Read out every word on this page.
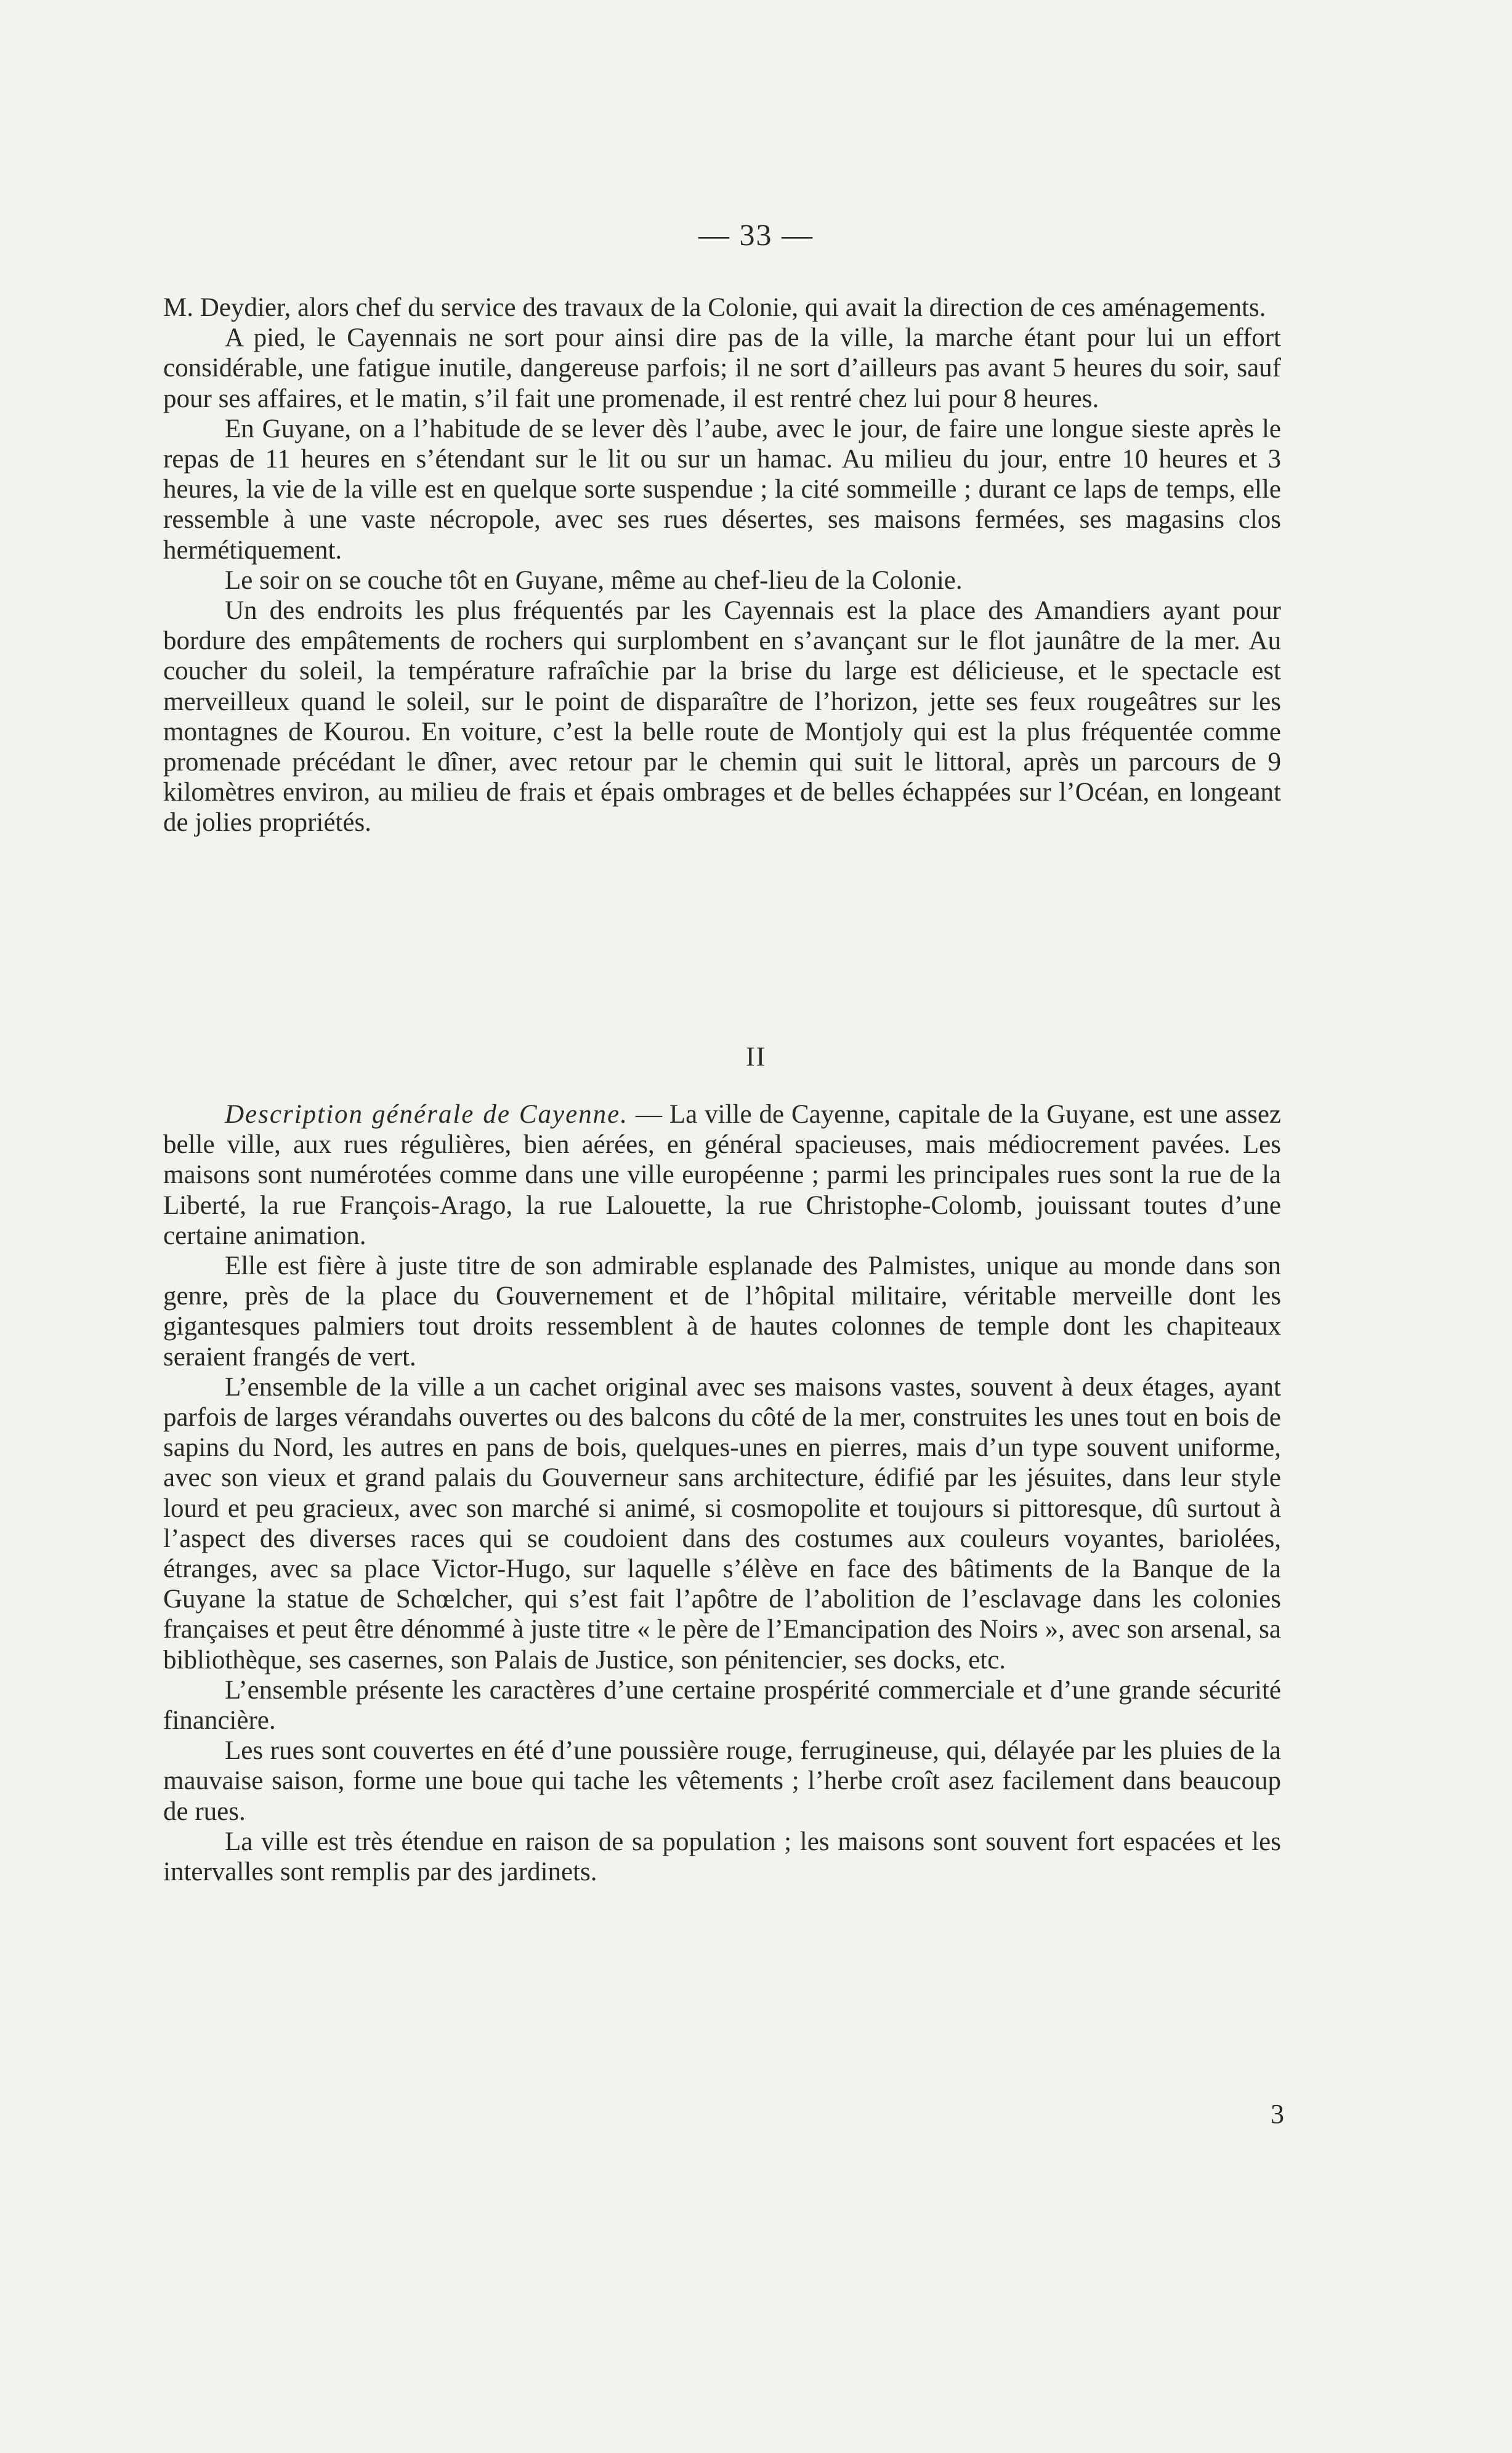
— 33 —

M. Deydier, alors chef du service des travaux de la Colonie, qui avait la direction de ces aménagements.

A pied, le Cayennais ne sort pour ainsi dire pas de la ville, la marche étant pour lui un effort considérable, une fatigue inutile, dangereuse parfois; il ne sort d’ailleurs pas avant 5 heures du soir, sauf pour ses affaires, et le matin, s’il fait une promenade, il est rentré chez lui pour 8 heures.

En Guyane, on a l’habitude de se lever dès l’aube, avec le jour, de faire une longue sieste après le repas de 11 heures en s’étendant sur le lit ou sur un hamac. Au milieu du jour, entre 10 heures et 3 heures, la vie de la ville est en quelque sorte suspendue ; la cité sommeille ; durant ce laps de temps, elle ressemble à une vaste nécropole, avec ses rues désertes, ses maisons fermées, ses magasins clos hermétiquement.

Le soir on se couche tôt en Guyane, même au chef-lieu de la Colonie.

Un des endroits les plus fréquentés par les Cayennais est la place des Amandiers ayant pour bordure des empâtements de rochers qui surplombent en s’avançant sur le flot jaunâtre de la mer. Au coucher du soleil, la température rafraîchie par la brise du large est délicieuse, et le spectacle est merveilleux quand le soleil, sur le point de disparaître de l’horizon, jette ses feux rougeâtres sur les montagnes de Kourou. En voiture, c’est la belle route de Montjoly qui est la plus fréquentée comme promenade précédant le dîner, avec retour par le chemin qui suit le littoral, après un parcours de 9 kilomètres environ, au milieu de frais et épais ombrages et de belles échappées sur l’Océan, en longeant de jolies propriétés.

II

Description générale de Cayenne. — La ville de Cayenne, capitale de la Guyane, est une assez belle ville, aux rues régulières, bien aérées, en général spacieuses, mais médiocrement pavées. Les maisons sont numérotées comme dans une ville européenne ; parmi les principales rues sont la rue de la Liberté, la rue François-Arago, la rue Lalouette, la rue Christophe-Colomb, jouissant toutes d’une certaine animation.

Elle est fière à juste titre de son admirable esplanade des Palmistes, unique au monde dans son genre, près de la place du Gouvernement et de l’hôpital militaire, véritable merveille dont les gigantesques palmiers tout droits ressemblent à de hautes colonnes de temple dont les chapiteaux seraient frangés de vert.

L’ensemble de la ville a un cachet original avec ses maisons vastes, souvent à deux étages, ayant parfois de larges vérandahs ouvertes ou des balcons du côté de la mer, construites les unes tout en bois de sapins du Nord, les autres en pans de bois, quelques-unes en pierres, mais d’un type souvent uniforme, avec son vieux et grand palais du Gouverneur sans architecture, édifié par les jésuites, dans leur style lourd et peu gracieux, avec son marché si animé, si cosmopolite et toujours si pittoresque, dû surtout à l’aspect des diverses races qui se coudoient dans des costumes aux couleurs voyantes, bariolées, étranges, avec sa place Victor-Hugo, sur laquelle s’élève en face des bâtiments de la Banque de la Guyane la statue de Schœlcher, qui s’est fait l’apôtre de l’abolition de l’esclavage dans les colonies françaises et peut être dénommé à juste titre « le père de l’Emancipation des Noirs », avec son arsenal, sa bibliothèque, ses casernes, son Palais de Justice, son pénitencier, ses docks, etc.

L’ensemble présente les caractères d’une certaine prospérité commerciale et d’une grande sécurité financière.

Les rues sont couvertes en été d’une poussière rouge, ferrugineuse, qui, délayée par les pluies de la mauvaise saison, forme une boue qui tache les vêtements ; l’herbe croît asez facilement dans beaucoup de rues.

La ville est très étendue en raison de sa population ; les maisons sont souvent fort espacées et les intervalles sont remplis par des jardinets.

3
